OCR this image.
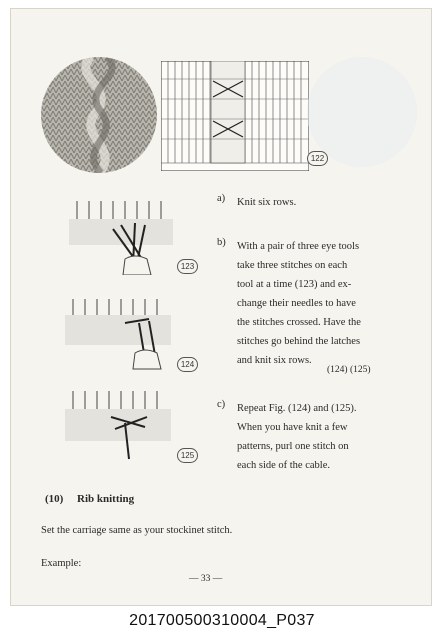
122
123
124
125
a) Knit six rows.
b) With a pair of three eye tools
take three stitches on each
tool at a time (123) and ex-
change their needles to have
the stitches crossed. Have the
stitches go behind the latches
and knit six rows.
(124) (125)
c) Repeat Fig. (124) and (125).
When you have knit a few
patterns, purl one stitch on
each side of the cable.
(10) Rib knitting
Set the carriage same as your stockinet stitch.
Example:
— 33 —
201700500310004_P037
